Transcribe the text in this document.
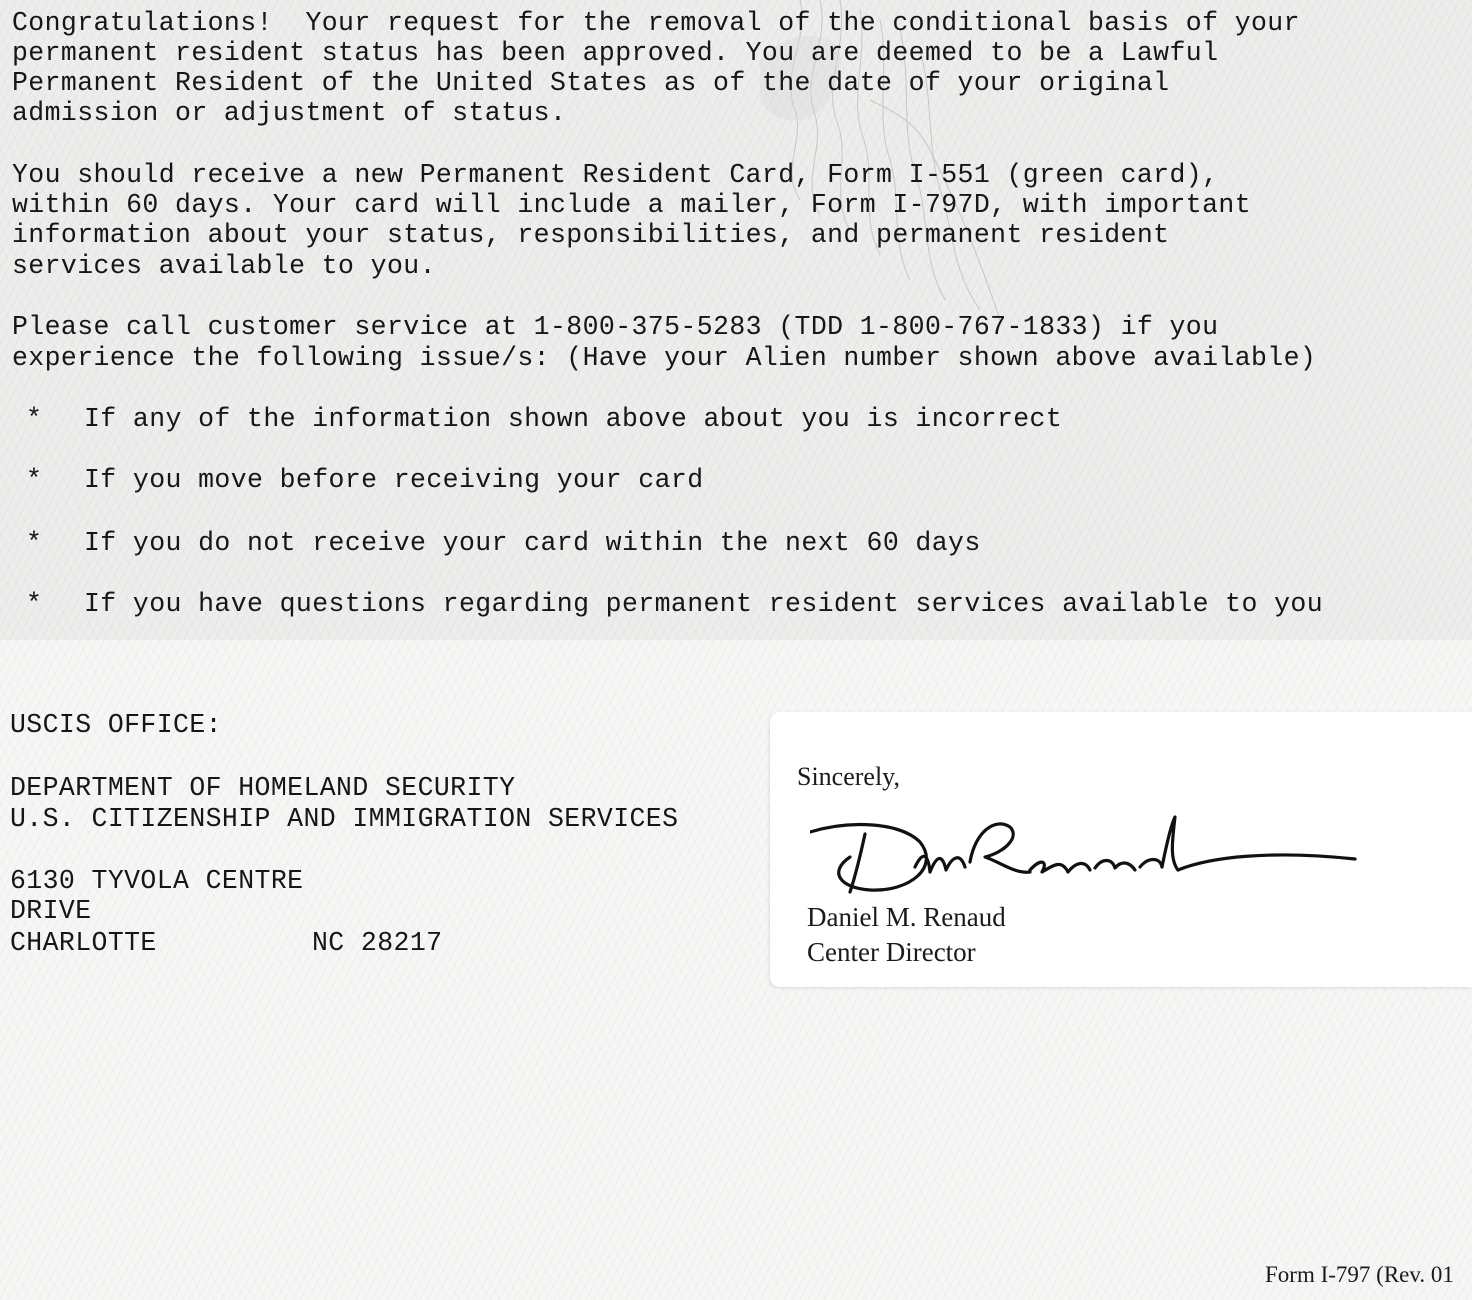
Congratulations!  Your request for the removal of the conditional basis of your
permanent resident status has been approved. You are deemed to be a Lawful
Permanent Resident of the United States as of the date of your original
admission or adjustment of status.
You should receive a new Permanent Resident Card, Form I-551 (green card),
within 60 days. Your card will include a mailer, Form I-797D, with important
information about your status, responsibilities, and permanent resident
services available to you.
Please call customer service at 1-800-375-5283 (TDD 1-800-767-1833) if you
experience the following issue/s: (Have your Alien number shown above available)
* If any of the information shown above about you is incorrect
* If you move before receiving your card
* If you do not receive your card within the next 60 days
* If you have questions regarding permanent resident services available to you
USCIS OFFICE:
DEPARTMENT OF HOMELAND SECURITY
U.S. CITIZENSHIP AND IMMIGRATION SERVICES
6130 TYVOLA CENTRE
DRIVE
CHARLOTTE	NC 28217
Sincerely,
Daniel M. Renaud
Center Director
Form I-797 (Rev. 01
